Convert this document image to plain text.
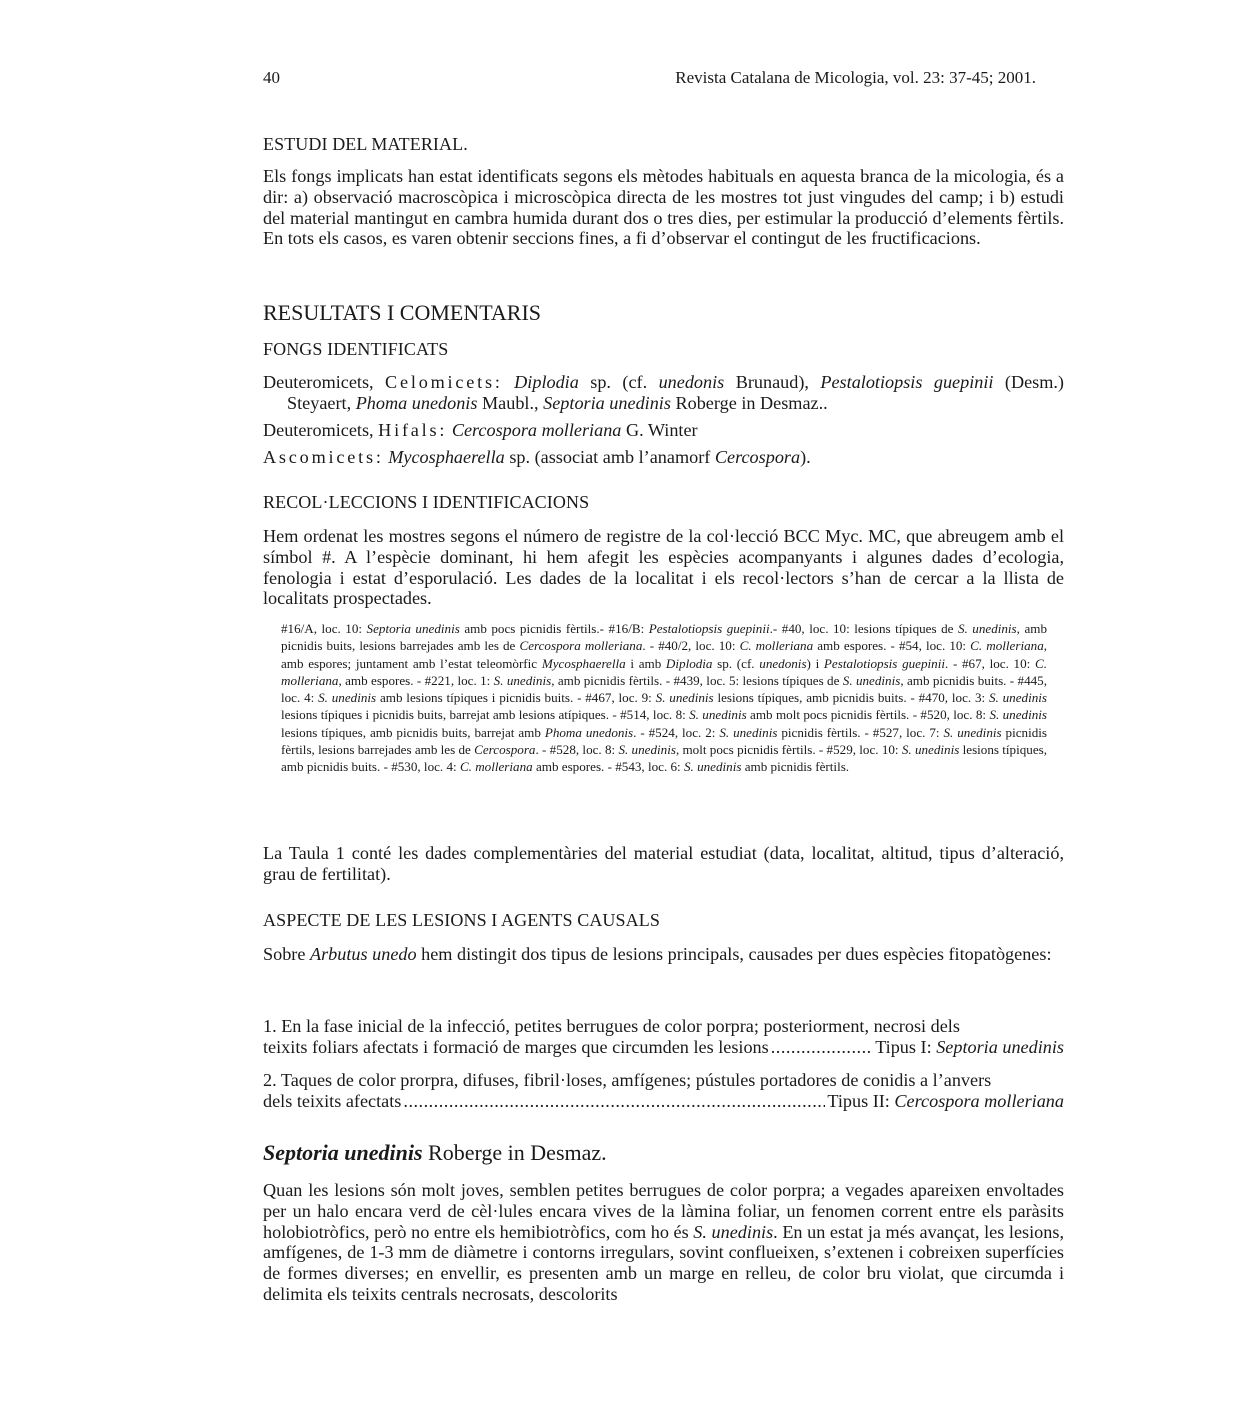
40	Revista Catalana de Micologia, vol. 23: 37-45; 2001.
ESTUDI DEL MATERIAL.
Els fongs implicats han estat identificats segons els mètodes habituals en aquesta branca de la micologia, és a dir: a) observació macroscòpica i microscòpica directa de les mostres tot just vingudes del camp; i b) estudi del material mantingut en cambra humida durant dos o tres dies, per estimular la producció d’elements fèrtils. En tots els casos, es varen obtenir seccions fines, a fi d’observar el contingut de les fructificacions.
RESULTATS I COMENTARIS
FONGS IDENTIFICATS
Deuteromicets, Celomicets: Diplodia sp. (cf. unedonis Brunaud), Pestalotiopsis guepinii (Desm.) Steyaert, Phoma unedonis Maubl., Septoria unedinis Roberge in Desmaz..
Deuteromicets, Hifals: Cercospora molleriana G. Winter
Ascomicets: Mycosphaerella sp. (associat amb l’anamorf Cercospora).
RECOL·LECCIONS I IDENTIFICACIONS
Hem ordenat les mostres segons el número de registre de la col·lecció BCC Myc. MC, que abreugem amb el símbol #. A l’espècie dominant, hi hem afegit les espècies acompanyants i algunes dades d’ecologia, fenologia i estat d’esporulació. Les dades de la localitat i els recol·lectors s’han de cercar a la llista de localitats prospectades.
#16/A, loc. 10: Septoria unedinis amb pocs picnidis fèrtils.- #16/B: Pestalotiopsis guepinii.- #40, loc. 10: lesions típiques de S. unedinis, amb picnidis buits, lesions barrejades amb les de Cercospora molleriana. - #40/2, loc. 10: C. molleriana amb espores. - #54, loc. 10: C. molleriana, amb espores; juntament amb l’estat teleomòrfic Mycosphaerella i amb Diplodia sp. (cf. unedonis) i Pestalotiopsis guepinii. - #67, loc. 10: C. molleriana, amb espores. - #221, loc. 1: S. unedinis, amb picnidis fèrtils. - #439, loc. 5: lesions típiques de S. unedinis, amb picnidis buits. - #445, loc. 4: S. unedinis amb lesions típiques i picnidis buits. - #467, loc. 9: S. unedinis lesions típiques, amb picnidis buits. - #470, loc. 3: S. unedinis lesions típiques i picnidis buits, barrejat amb lesions atípiques. - #514, loc. 8: S. unedinis amb molt pocs picnidis fèrtils. - #520, loc. 8: S. unedinis lesions típiques, amb picnidis buits, barrejat amb Phoma unedonis. - #524, loc. 2: S. unedinis picnidis fèrtils. - #527, loc. 7: S. unedinis picnidis fèrtils, lesions barrejades amb les de Cercospora. - #528, loc. 8: S. unedinis, molt pocs picnidis fèrtils. - #529, loc. 10: S. unedinis lesions típiques, amb picnidis buits. - #530, loc. 4: C. molleriana amb espores. - #543, loc. 6: S. unedinis amb picnidis fèrtils.
La Taula 1 conté les dades complementàries del material estudiat (data, localitat, altitud, tipus d’alteració, grau de fertilitat).
ASPECTE DE LES LESIONS I AGENTS CAUSALS
Sobre Arbutus unedo hem distingit dos tipus de lesions principals, causades per dues espècies fitopatògenes:
1. En la fase inicial de la infecció, petites berrugues de color porpra; posteriorment, necrosi dels
teixits foliars afectats i formació de marges que circumden les lesions .....	Tipus I: Septoria unedinis
2. Taques de color prorpra, difuses, fibril·loses, amfígenes; pústules portadores de conidis a l’anvers
dels teixits afectats .....	Tipus II: Cercospora molleriana
Septoria unedinis Roberge in Desmaz.
Quan les lesions són molt joves, semblen petites berrugues de color porpra; a vegades apareixen envoltades per un halo encara verd de cèl·lules encara vives de la làmina foliar, un fenomen corrent entre els paràsits holobiotròfics, però no entre els hemibiotròfics, com ho és S. unedinis. En un estat ja més avançat, les lesions, amfígenes, de 1-3 mm de diàmetre i contorns irregulars, sovint conflueixen, s’extenen i cobreixen superfícies de formes diverses; en envellir, es presenten amb un marge en relleu, de color bru violat, que circumda i delimita els teixits centrals necrosats, descolorits
